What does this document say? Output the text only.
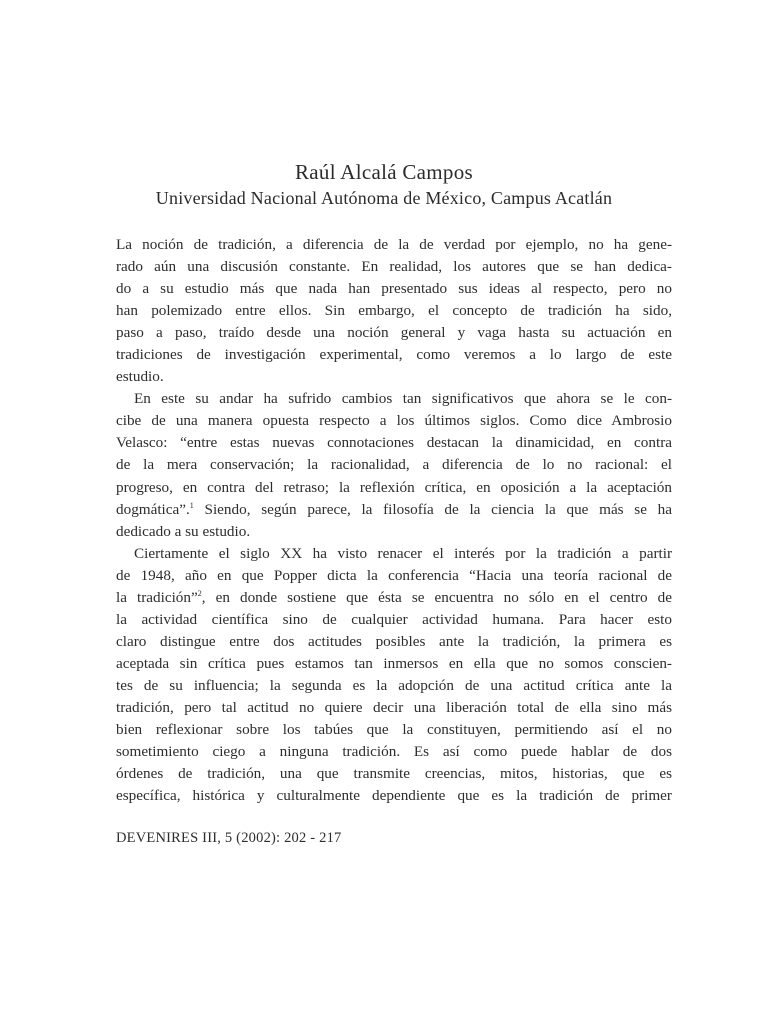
Raúl Alcalá Campos
Universidad Nacional Autónoma de México, Campus Acatlán
La noción de tradición, a diferencia de la de verdad por ejemplo, no ha gene-
rado aún una discusión constante. En realidad, los autores que se han dedica-
do a su estudio más que nada han presentado sus ideas al respecto, pero no
han polemizado entre ellos. Sin embargo, el concepto de tradición ha sido,
paso a paso, traído desde una noción general y vaga hasta su actuación en
tradiciones de investigación experimental, como veremos a lo largo de este
estudio.
En este su andar ha sufrido cambios tan significativos que ahora se le con-
cibe de una manera opuesta respecto a los últimos siglos. Como dice Ambrosio
Velasco: “entre estas nuevas connotaciones destacan la dinamicidad, en contra
de la mera conservación; la racionalidad, a diferencia de lo no racional: el
progreso, en contra del retraso; la reflexión crítica, en oposición a la aceptación
dogmática”.$^1$ Siendo, según parece, la filosofía de la ciencia la que más se ha
dedicado a su estudio.
Ciertamente el siglo XX ha visto renacer el interés por la tradición a partir
de 1948, año en que Popper dicta la conferencia “Hacia una teoría racional de
la tradición”$^2$, en donde sostiene que ésta se encuentra no sólo en el centro de
la actividad científica sino de cualquier actividad humana. Para hacer esto
claro distingue entre dos actitudes posibles ante la tradición, la primera es
aceptada sin crítica pues estamos tan inmersos en ella que no somos conscien-
tes de su influencia; la segunda es la adopción de una actitud crítica ante la
tradición, pero tal actitud no quiere decir una liberación total de ella sino más
bien reflexionar sobre los tabúes que la constituyen, permitiendo así el no
sometimiento ciego a ninguna tradición. Es así como puede hablar de dos
órdenes de tradición, una que transmite creencias, mitos, historias, que es
específica, histórica y culturalmente dependiente que es la tradición de primer
DEVENIRES III, 5 (2002): 202 - 217
